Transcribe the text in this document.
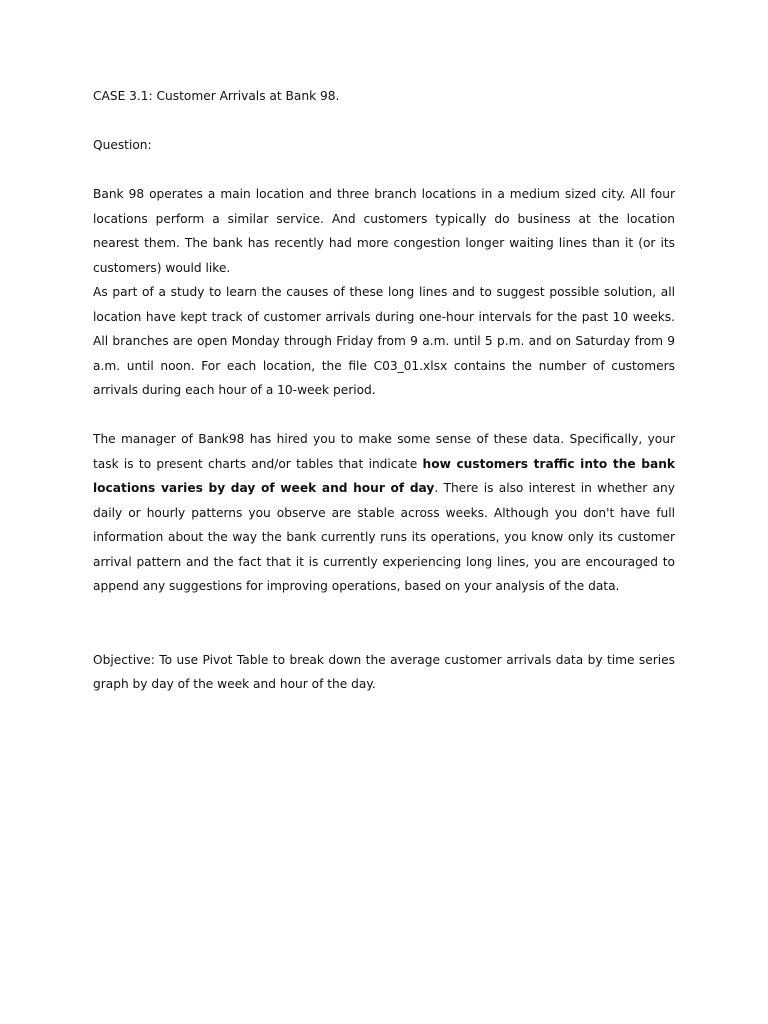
CASE 3.1: Customer Arrivals at Bank 98.

Question:

Bank 98 operates a main location and three branch locations in a medium sized city. All four locations perform a similar service. And customers typically do business at the location nearest them. The bank has recently had more congestion longer waiting lines than it (or its customers) would like.

As part of a study to learn the causes of these long lines and to suggest possible solution, all location have kept track of customer arrivals during one-hour intervals for the past 10 weeks. All branches are open Monday through Friday from 9 a.m. until 5 p.m. and on Saturday from 9 a.m. until noon. For each location, the file C03_01.xlsx contains the number of customers arrivals during each hour of a 10-week period.

The manager of Bank98 has hired you to make some sense of these data. Specifically, your task is to present charts and/or tables that indicate how customers traffic into the bank locations varies by day of week and hour of day. There is also interest in whether any daily or hourly patterns you observe are stable across weeks. Although you don't have full information about the way the bank currently runs its operations, you know only its customer arrival pattern and the fact that it is currently experiencing long lines, you are encouraged to append any suggestions for improving operations, based on your analysis of the data.

Objective: To use Pivot Table to break down the average customer arrivals data by time series graph by day of the week and hour of the day.
